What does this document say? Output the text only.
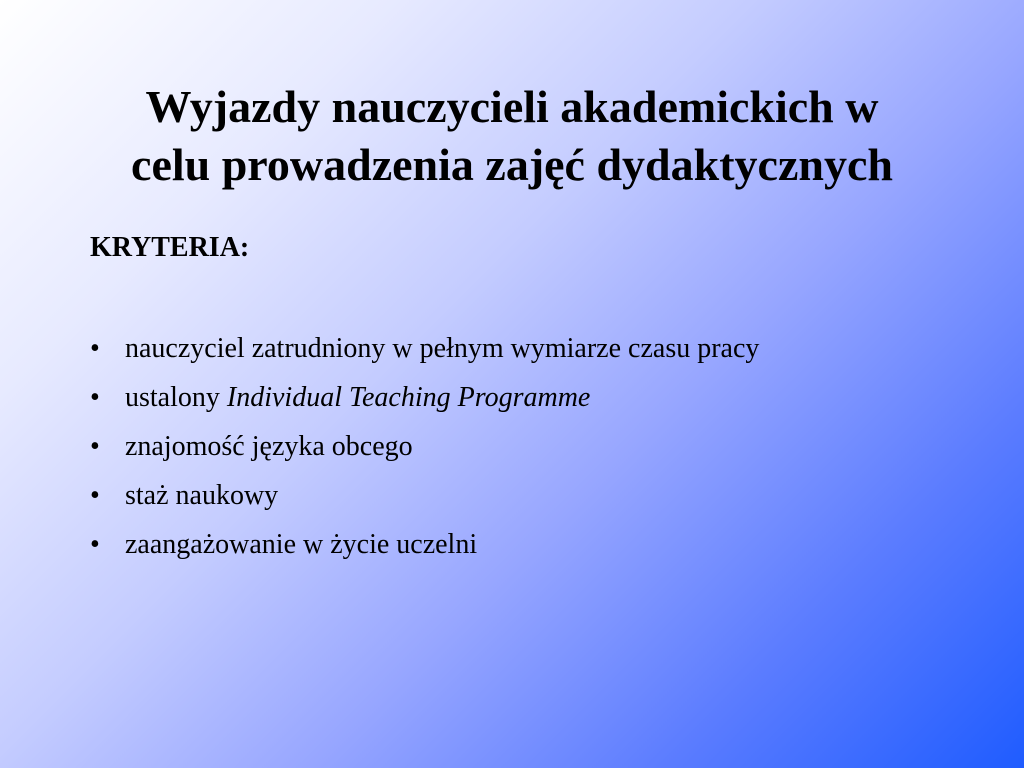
Wyjazdy nauczycieli akademickich w
celu prowadzenia zajęć dydaktycznych

KRYTERIA:

• nauczyciel zatrudniony w pełnym wymiarze czasu pracy
• ustalony Individual Teaching Programme
• znajomość języka obcego
• staż naukowy
• zaangażowanie w życie uczelni
